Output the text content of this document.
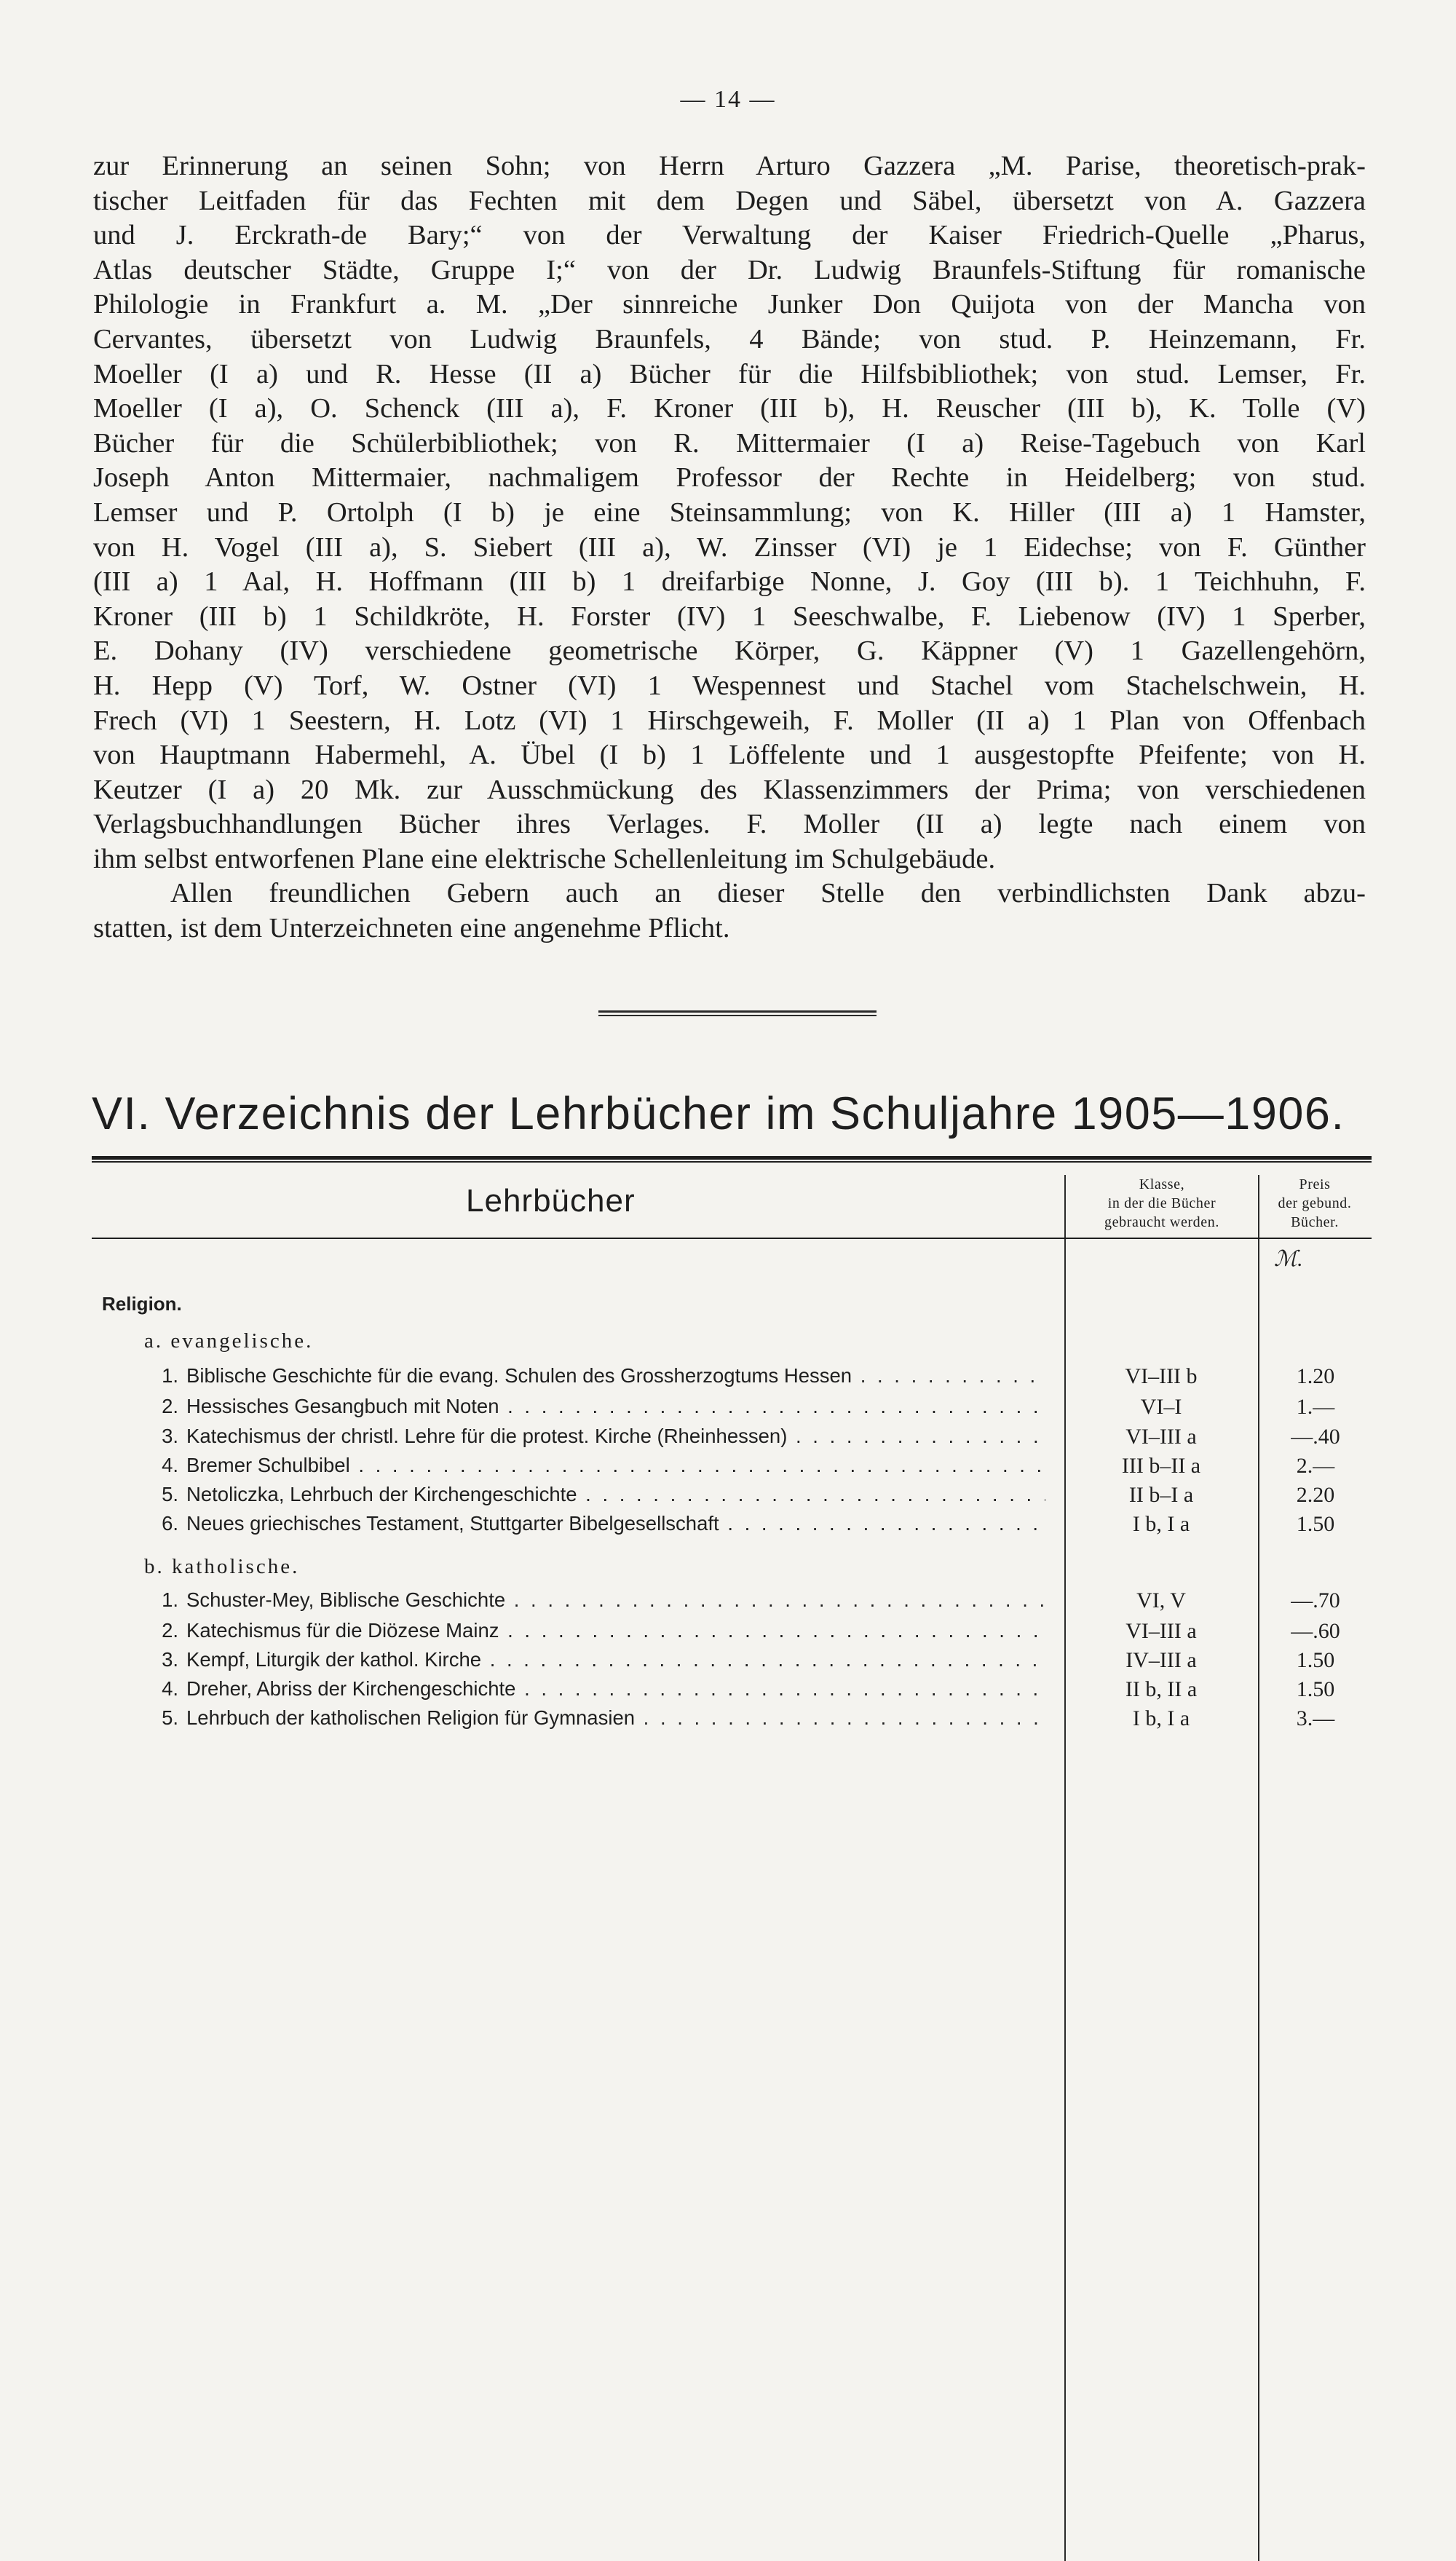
— 14 —
zur Erinnerung an seinen Sohn; von Herrn Arturo Gazzera „M. Parise, theoretisch-prak-
tischer Leitfaden für das Fechten mit dem Degen und Säbel, übersetzt von A. Gazzera
und J. Erckrath-de Bary;“ von der Verwaltung der Kaiser Friedrich-Quelle „Pharus,
Atlas deutscher Städte, Gruppe I;“ von der Dr. Ludwig Braunfels-Stiftung für romanische
Philologie in Frankfurt a. M. „Der sinnreiche Junker Don Quijota von der Mancha von
Cervantes, übersetzt von Ludwig Braunfels, 4 Bände; von stud. P. Heinzemann, Fr.
Moeller (I a) und R. Hesse (II a) Bücher für die Hilfsbibliothek; von stud. Lemser, Fr.
Moeller (I a), O. Schenck (III a), F. Kroner (III b), H. Reuscher (III b), K. Tolle (V)
Bücher für die Schülerbibliothek; von R. Mittermaier (I a) Reise-Tagebuch von Karl
Joseph Anton Mittermaier, nachmaligem Professor der Rechte in Heidelberg; von stud.
Lemser und P. Ortolph (I b) je eine Steinsammlung; von K. Hiller (III a) 1 Hamster,
von H. Vogel (III a), S. Siebert (III a), W. Zinsser (VI) je 1 Eidechse; von F. Günther
(III a) 1 Aal, H. Hoffmann (III b) 1 dreifarbige Nonne, J. Goy (III b). 1 Teichhuhn, F.
Kroner (III b) 1 Schildkröte, H. Forster (IV) 1 Seeschwalbe, F. Liebenow (IV) 1 Sperber,
E. Dohany (IV) verschiedene geometrische Körper, G. Käppner (V) 1 Gazellengehörn,
H. Hepp (V) Torf, W. Ostner (VI) 1 Wespennest und Stachel vom Stachelschwein, H.
Frech (VI) 1 Seestern, H. Lotz (VI) 1 Hirschgeweih, F. Moller (II a) 1 Plan von Offenbach
von Hauptmann Habermehl, A. Übel (I b) 1 Löffelente und 1 ausgestopfte Pfeifente; von H.
Keutzer (I a) 20 Mk. zur Ausschmückung des Klassenzimmers der Prima; von verschiedenen
Verlagsbuchhandlungen Bücher ihres Verlages. F. Moller (II a) legte nach einem von
ihm selbst entworfenen Plane eine elektrische Schellenleitung im Schulgebäude.
Allen freundlichen Gebern auch an dieser Stelle den verbindlichsten Dank abzu-
statten, ist dem Unterzeichneten eine angenehme Pflicht.
VI. Verzeichnis der Lehrbücher im Schuljahre 1905—1906.
Lehrbücher	Klasse,
in der die Bücher
gebraucht werden.
Preis
der gebund.
Bücher.
ℳ.
Religion.
a. evangelische.
1. Biblische Geschichte für die evang. Schulen des Grossherzogtums Hessen . . .	VI–III b	1.20
2. Hessisches Gesangbuch mit Noten . . .	VI–I	1.—
3. Katechismus der christl. Lehre für die protest. Kirche (Rheinhessen) . . .	VI–III a	—.40
4. Bremer Schulbibel . . .	III b–II a	2.—
5. Netoliczka, Lehrbuch der Kirchengeschichte . . .	II b–I a	2.20
6. Neues griechisches Testament, Stuttgarter Bibelgesellschaft . . .	I b, I a	1.50
b. katholische.
1. Schuster-Mey, Biblische Geschichte . . .	VI, V	—.70
2. Katechismus für die Diözese Mainz . . .	VI–III a	—.60
3. Kempf, Liturgik der kathol. Kirche . . .	IV–III a	1.50
4. Dreher, Abriss der Kirchengeschichte . . .	II b, II a	1.50
5. Lehrbuch der katholischen Religion für Gymnasien . . .	I b, I a	3.—
